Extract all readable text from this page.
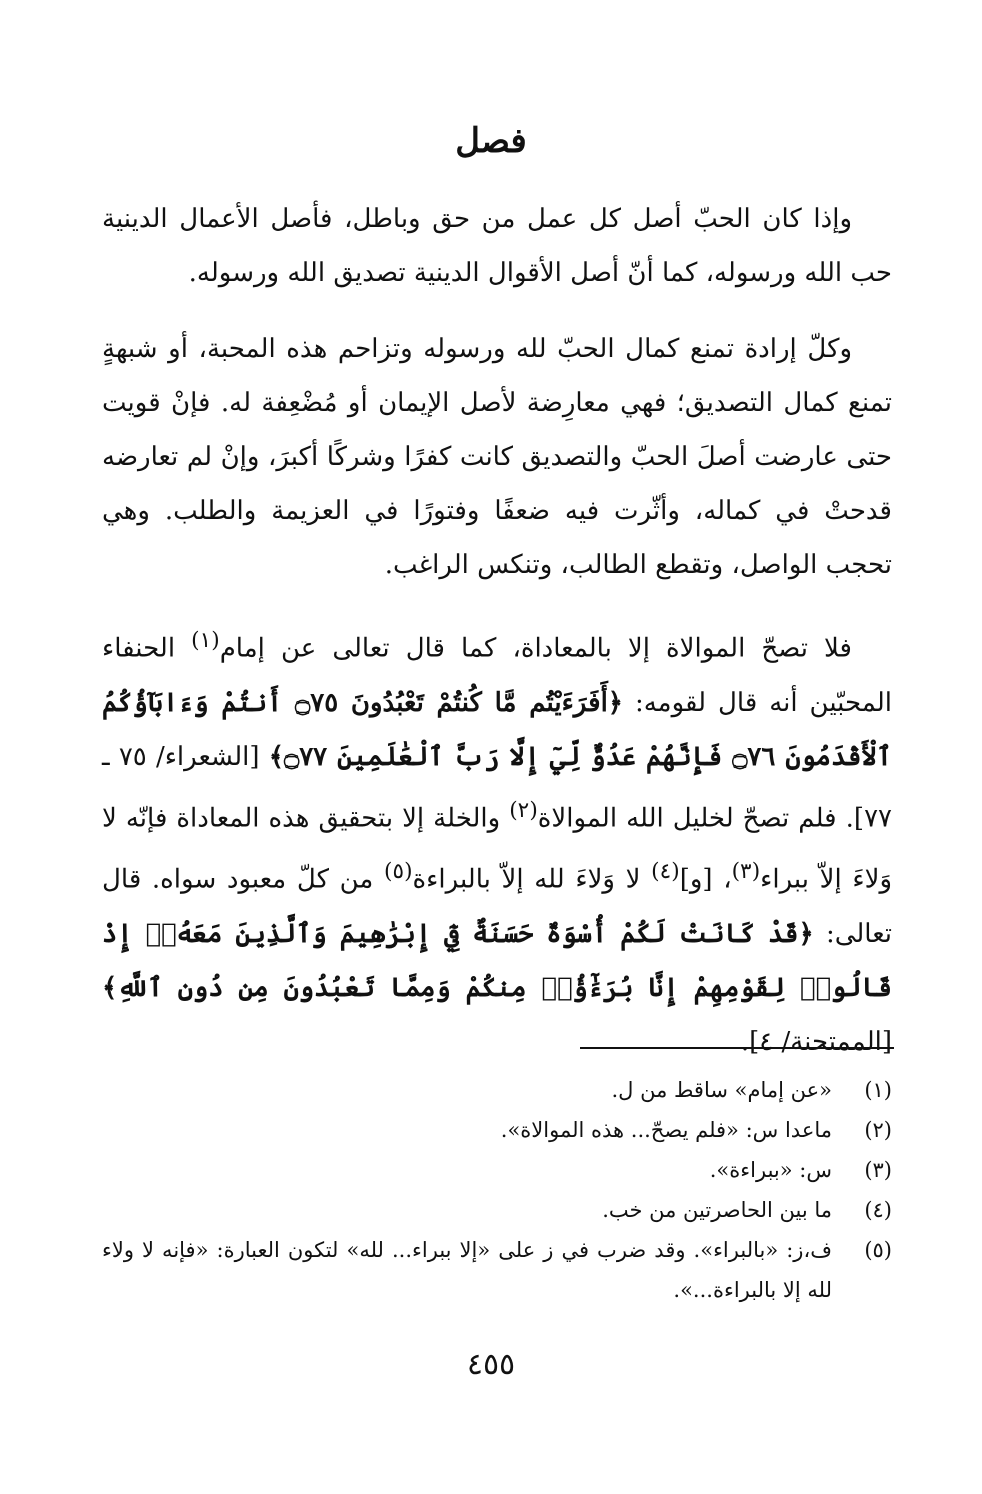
فصل

وإذا كان الحبّ أصل كل عمل من حق وباطل، فأصل الأعمال الدينية حب الله ورسوله، كما أنّ أصل الأقوال الدينية تصديق الله ورسوله.

وكلّ إرادة تمنع كمال الحبّ لله ورسوله وتزاحم هذه المحبة، أو شبهةٍ تمنع كمال التصديق؛ فهي معارِضة لأصل الإيمان أو مُضْعِفة له. فإنْ قويت حتى عارضت أصلَ الحبّ والتصديق كانت كفرًا وشركًا أكبرَ، وإنْ لم تعارضه قدحتْ في كماله، وأثّرت فيه ضعفًا وفتورًا في العزيمة والطلب. وهي تحجب الواصل، وتقطع الطالب، وتنكس الراغب.

فلا تصحّ الموالاة إلا بالمعاداة، كما قال تعالى عن إمام$^{(١)}$ الحنفاء المحبّين أنه قال لقومه: ﴿أَفَرَءَيْتُم مَّا كُنتُمْ تَعْبُدُونَ ۝٧٥ أَنتُمْ وَءَابَآؤُكُمُ ٱلْأَقْدَمُونَ ۝٧٦ فَإِنَّهُمْ عَدُوٌّ لِّيٓ إِلَّا رَبَّ ٱلْعَٰلَمِينَ ۝٧٧﴾ [الشعراء/ ٧٥ ـ ٧٧]. فلم تصحّ لخليل الله الموالاة$^{(٢)}$ والخلة إلا بتحقيق هذه المعاداة فإنّه لا وَلاءَ إلاّ ببراء$^{(٣)}$، [و]$^{(٤)}$ لا وَلاءَ لله إلاّ بالبراءة$^{(٥)}$ من كلّ معبود سواه. قال تعالى: ﴿قَدْ كَانَتْ لَكُمْ أُسْوَةٌ حَسَنَةٌ فِيٓ إِبْرَٰهِيمَ وَٱلَّذِينَ مَعَهُۥٓ إِذْ قَالُوا۟ لِقَوْمِهِمْ إِنَّا بُرَءَٰٓؤُا۟ مِنكُمْ وَمِمَّا تَعْبُدُونَ مِن دُونِ ٱللَّهِ﴾ [الممتحنة/ ٤].

(١)
«عن إمام» ساقط من ل.
(٢)
ماعدا س: «فلم يصحّ... هذه الموالاة».
(٣)
س: «ببراءة».
(٤)
ما بين الحاصرتين من خب.
(٥)
ف،ز: «بالبراء». وقد ضرب في ز على «إلا ببراء... لله» لتكون العبارة: «فإنه لا ولاء لله إلا بالبراءة...».
٤٥٥
